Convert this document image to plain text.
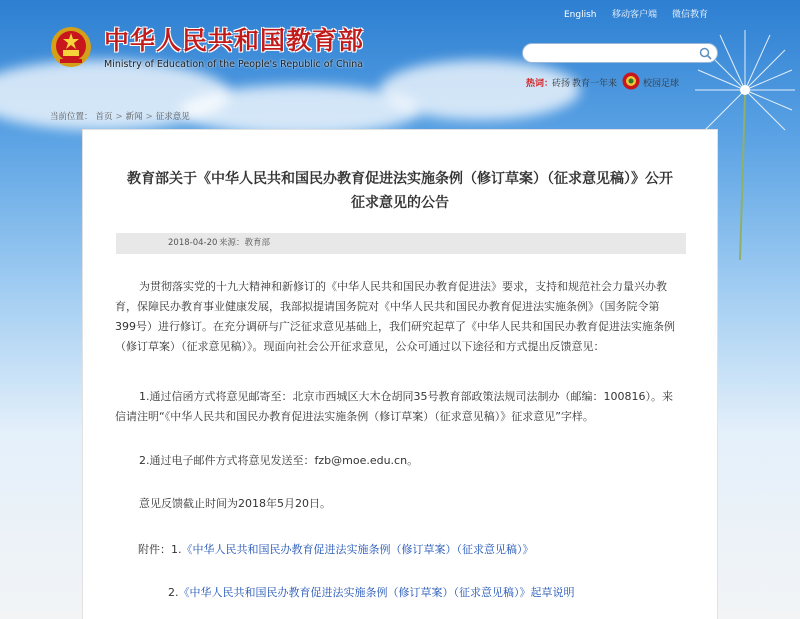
中华人民共和国教育部
Ministry of Education of the People's Republic of China
English 移动客户端 微信教育
热词：
砖扬 教育一年来	校园足球
当前位置： 首页 > 新闻 > 征求意见
教育部关于《中华人民共和国民办教育促进法实施条例（修订草案）（征求意见稿）》公开
征求意见的公告
2018-04-20 来源：教育部
为贯彻落实党的十九大精神和新修订的《中华人民共和国民办教育促进法》要求，支持和规范社会力量兴办教育，保障民办教育事业健康发展，我部拟提请国务院对《中华人民共和国民办教育促进法实施条例》（国务院令第399号）进行修订。在充分调研与广泛征求意见基础上，我们研究起草了《中华人民共和国民办教育促进法实施条例（修订草案）（征求意见稿）》。现面向社会公开征求意见，公众可通过以下途径和方式提出反馈意见：
1.通过信函方式将意见邮寄至：北京市西城区大木仓胡同35号教育部政策法规司法制办（邮编：100816）。来信请注明“《中华人民共和国民办教育促进法实施条例（修订草案）（征求意见稿）》征求意见”字样。
2.通过电子邮件方式将意见发送至：fzb@moe.edu.cn。
意见反馈截止时间为2018年5月20日。
附件：1.《中华人民共和国民办教育促进法实施条例（修订草案）（征求意见稿）》
2.《中华人民共和国民办教育促进法实施条例（修订草案）（征求意见稿）》起草说明
